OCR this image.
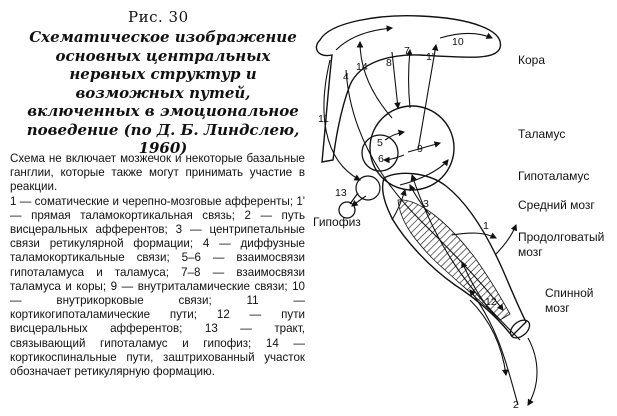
Рис. 30
Схематическое изображение основных центральных нервных структур и возможных путей, включенных в эмоциональное поведение (по Д. Б. Линдслею, 1960)
Схема не включает мозжечок и некоторые базальные ганглии, которые также могут принимать участие в реакции.
1 — соматические и черепно-мозговые афференты; 1' — прямая таламокортикальная связь; 2 — путь висцеральных афферентов; 3 — центрипетальные связи ретикулярной формации; 4 — диффузные таламокортикальные связи; 5–6 — взаимосвязи гипоталамуса и таламуса; 7–8 — взаимосвязи таламуса и коры; 9 — внутриталамические связи; 10 — внутрикорковые связи; 11 — кортикогипоталамические пути; 12 — пути висцеральных афферентов; 13 — тракт, связывающий гипоталамус и гипофиз; 14 — кортикоспинальные пути, заштрихованный участок обозначает ретикулярную формацию.
1
1'
2
3
4
5
6
7
8
9
10
11
12
13
14	Кора
Таламус
Гипоталамус
Средний мозг
Продолговатый мозг
Спинной мозг
Гипофиз
